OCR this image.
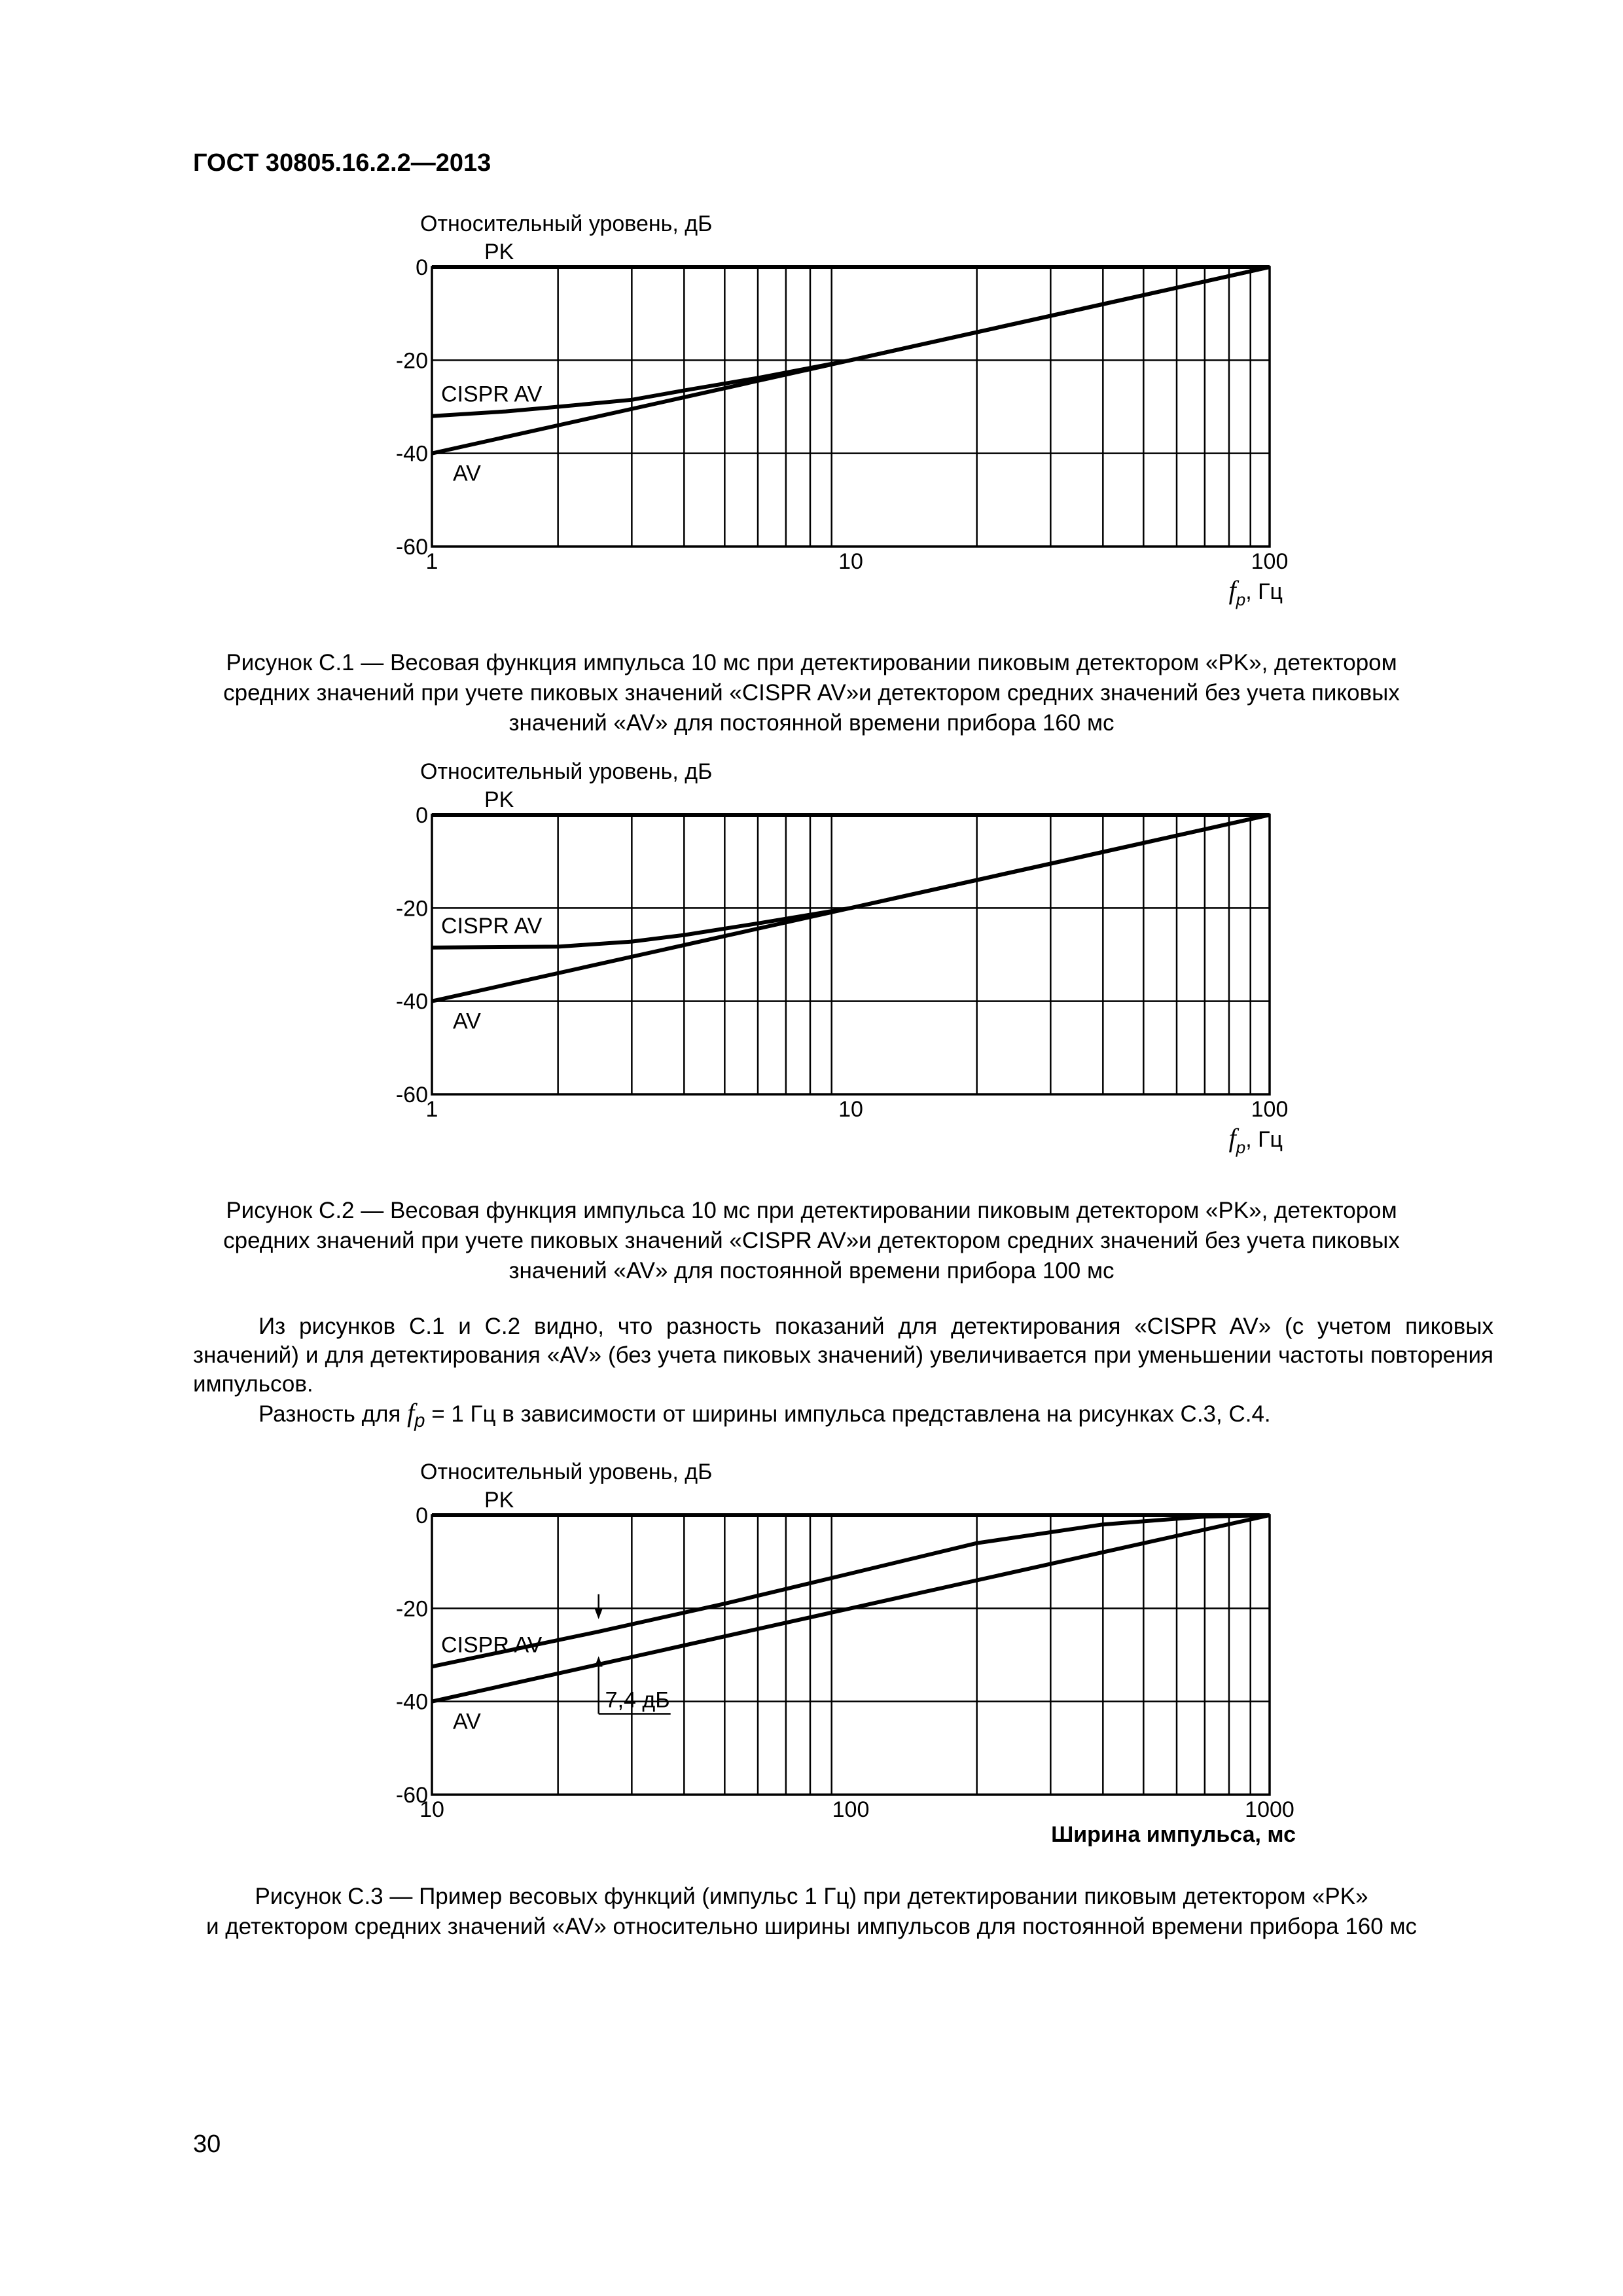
ГОСТ 30805.16.2.2—2013
0
-20
-40
-60
1	10	100
Относительный уровень, дБ
$f_p$, Гц
PK
CISPR AV
AV
Рисунок С.1 — Весовая функция импульса 10 мс при детектировании пиковым детектором «PK», детектором
средних значений при учете пиковых значений «CISPR AV»и детектором средних значений без учета пиковых
значений «AV» для постоянной времени прибора 160 мс
0
-20
-40
-60
1	10	100
Относительный уровень, дБ
$f_p$, Гц
PK
CISPR AV
AV
Рисунок С.2 — Весовая функция импульса 10 мс при детектировании пиковым детектором «PK», детектором
средних значений при учете пиковых значений «CISPR AV»и детектором средних значений без учета пиковых
значений «AV» для постоянной времени прибора 100 мс

Из рисунков С.1 и С.2 видно, что разность показаний для детектирования «CISPR AV» (с учетом пиковых значений) и для детектирования «AV» (без учета пиковых значений) увеличивается при уменьшении частоты повторения импульсов.

Разность для $f_p = 1$ Гц в зависимости от ширины импульса представлена на рисунках С.3, С.4.

0
-20
-40
-60
10	100	1000
Относительный уровень, дБ
Ширина импульса, мс
PK
CISPR AV
AV
7,4 дБ
Рисунок С.3 — Пример весовых функций (импульс 1 Гц) при детектировании пиковым детектором «PK»
и детектором средних значений «AV» относительно ширины импульсов для постоянной времени прибора 160 мс
30
